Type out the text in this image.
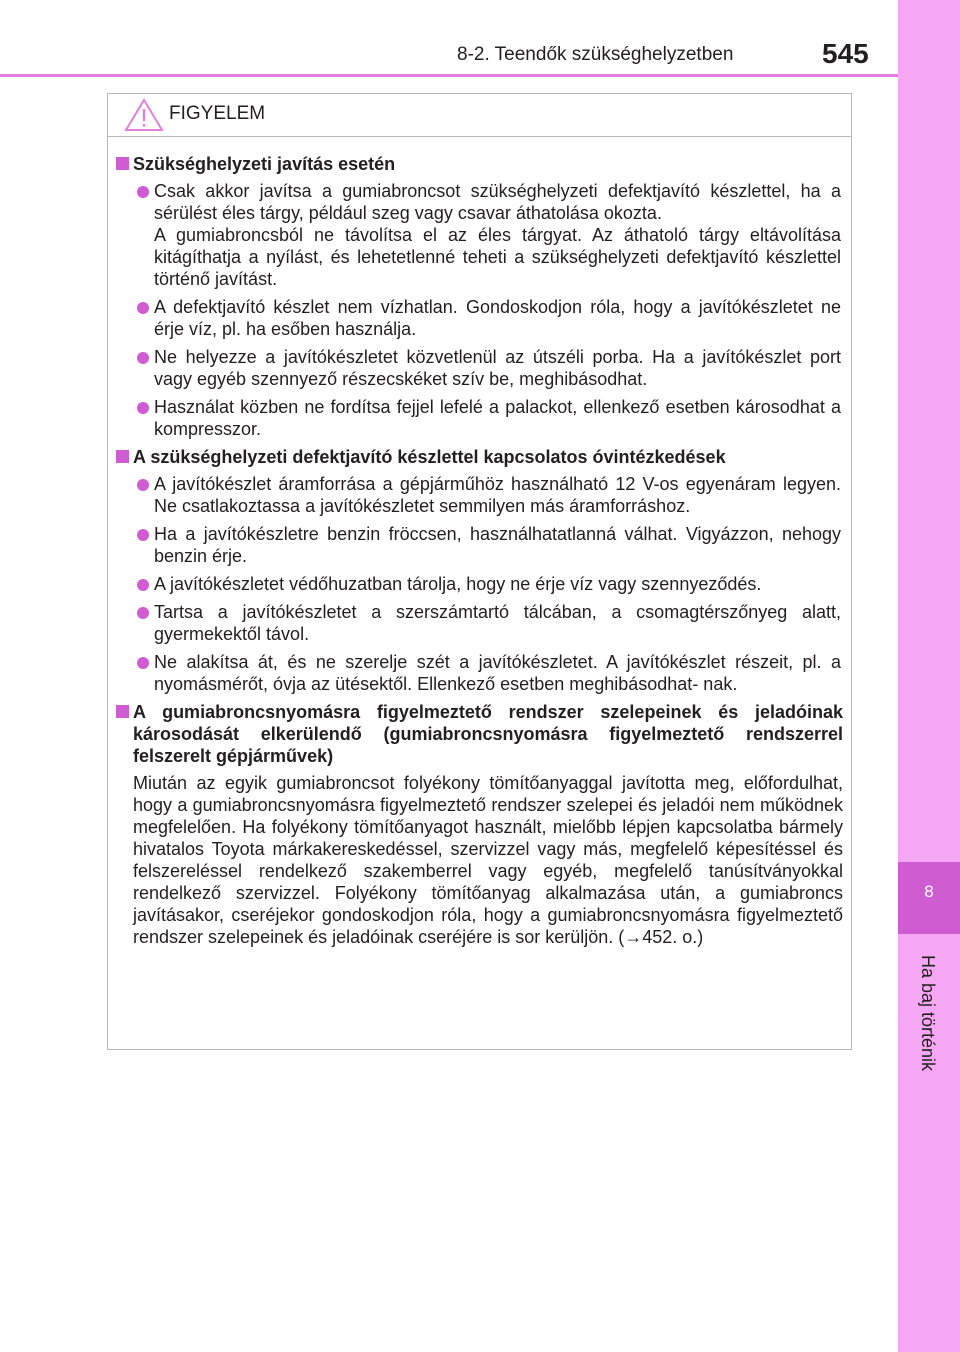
8
Ha baj történik
8-2. Teendők szükséghelyzetben	545
FIGYELEM
Szükséghelyzeti javítás esetén

Csak akkor javítsa a gumiabroncsot szükséghelyzeti defektjavító készlettel, ha a sérülést éles tárgy, például szeg vagy csavar áthatolása okozta.

A gumiabroncsból ne távolítsa el az éles tárgyat. Az áthatoló tárgy eltávolítása kitágíthatja a nyílást, és lehetetlenné teheti a szükséghelyzeti defektjavító készlettel történő javítást.

A defektjavító készlet nem vízhatlan. Gondoskodjon róla, hogy a javítókészletet ne érje víz, pl. ha esőben használja.

Ne helyezze a javítókészletet közvetlenül az útszéli porba. Ha a javítókészlet port vagy egyéb szennyező részecskéket szív be, meghibásodhat.

Használat közben ne fordítsa fejjel lefelé a palackot, ellenkező esetben károsodhat a kompresszor.

A szükséghelyzeti defektjavító készlettel kapcsolatos óvintézkedések

A javítókészlet áramforrása a gépjárműhöz használható 12 V-os egyenáram legyen. Ne csatlakoztassa a javítókészletet semmilyen más áramforráshoz.

Ha a javítókészletre benzin fröccsen, használhatatlanná válhat. Vigyázzon, nehogy benzin érje.

A javítókészletet védőhuzatban tárolja, hogy ne érje víz vagy szennyeződés.

Tartsa a javítókészletet a szerszámtartó tálcában, a csomagtérszőnyeg alatt, gyermekektől távol.

Ne alakítsa át, és ne szerelje szét a javítókészletet. A javítókészlet részeit, pl. a nyomásmérőt, óvja az ütésektől. Ellenkező esetben meghibásodhat- nak.

A gumiabroncsnyomásra figyelmeztető rendszer szelepeinek és jeladóinak károsodását elkerülendő (gumiabroncsnyomásra figyelmeztető rendszerrel felszerelt gépjárművek)
Miután az egyik gumiabroncsot folyékony tömítőanyaggal javította meg, előfordulhat, hogy a gumiabroncsnyomásra figyelmeztető rendszer szelepei és jeladói nem működnek megfelelően. Ha folyékony tömítőanyagot használt, mielőbb lépjen kapcsolatba bármely hivatalos Toyota márkakereskedéssel, szervizzel vagy más, megfelelő képesítéssel és felszereléssel rendelkező szakemberrel vagy egyéb, megfelelő tanúsítványokkal rendelkező szervizzel. Folyékony tömítőanyag alkalmazása után, a gumiabroncs javításakor, cseréjekor gondoskodjon róla, hogy a gumiabroncsnyomásra figyelmeztető rendszer szelepeinek és jeladóinak cseréjére is sor kerüljön. (→452. o.)
